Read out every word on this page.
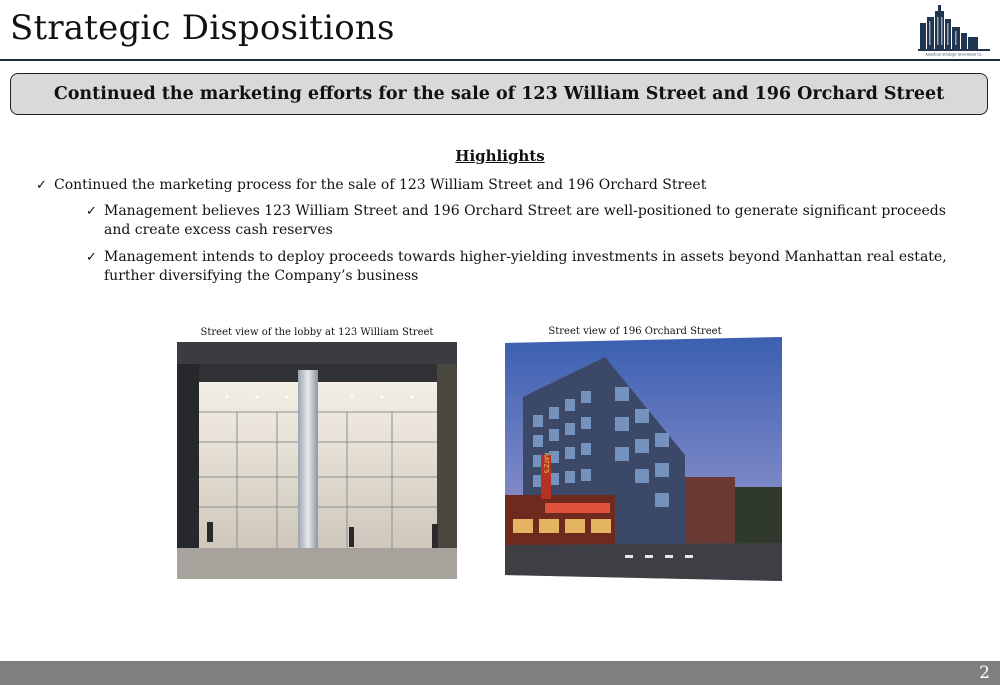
Strategic Dispositions
American Strategic Investment Co.
Continued the marketing efforts for the sale of 123 William Street and 196 Orchard Street
Highlights
✓ Continued the marketing process for the sale of 123 William Street and 196 Orchard Street
✓ Management believes 123 William Street and 196 Orchard Street are well-positioned to generate significant proceeds and create excess cash reserves
✓ Management intends to deploy proceeds towards higher-yielding investments in assets beyond Manhattan real estate, further diversifying the Company’s business
Street view of the lobby at 123 William Street	Street view of 196 Orchard Street
KATZ'S
2
